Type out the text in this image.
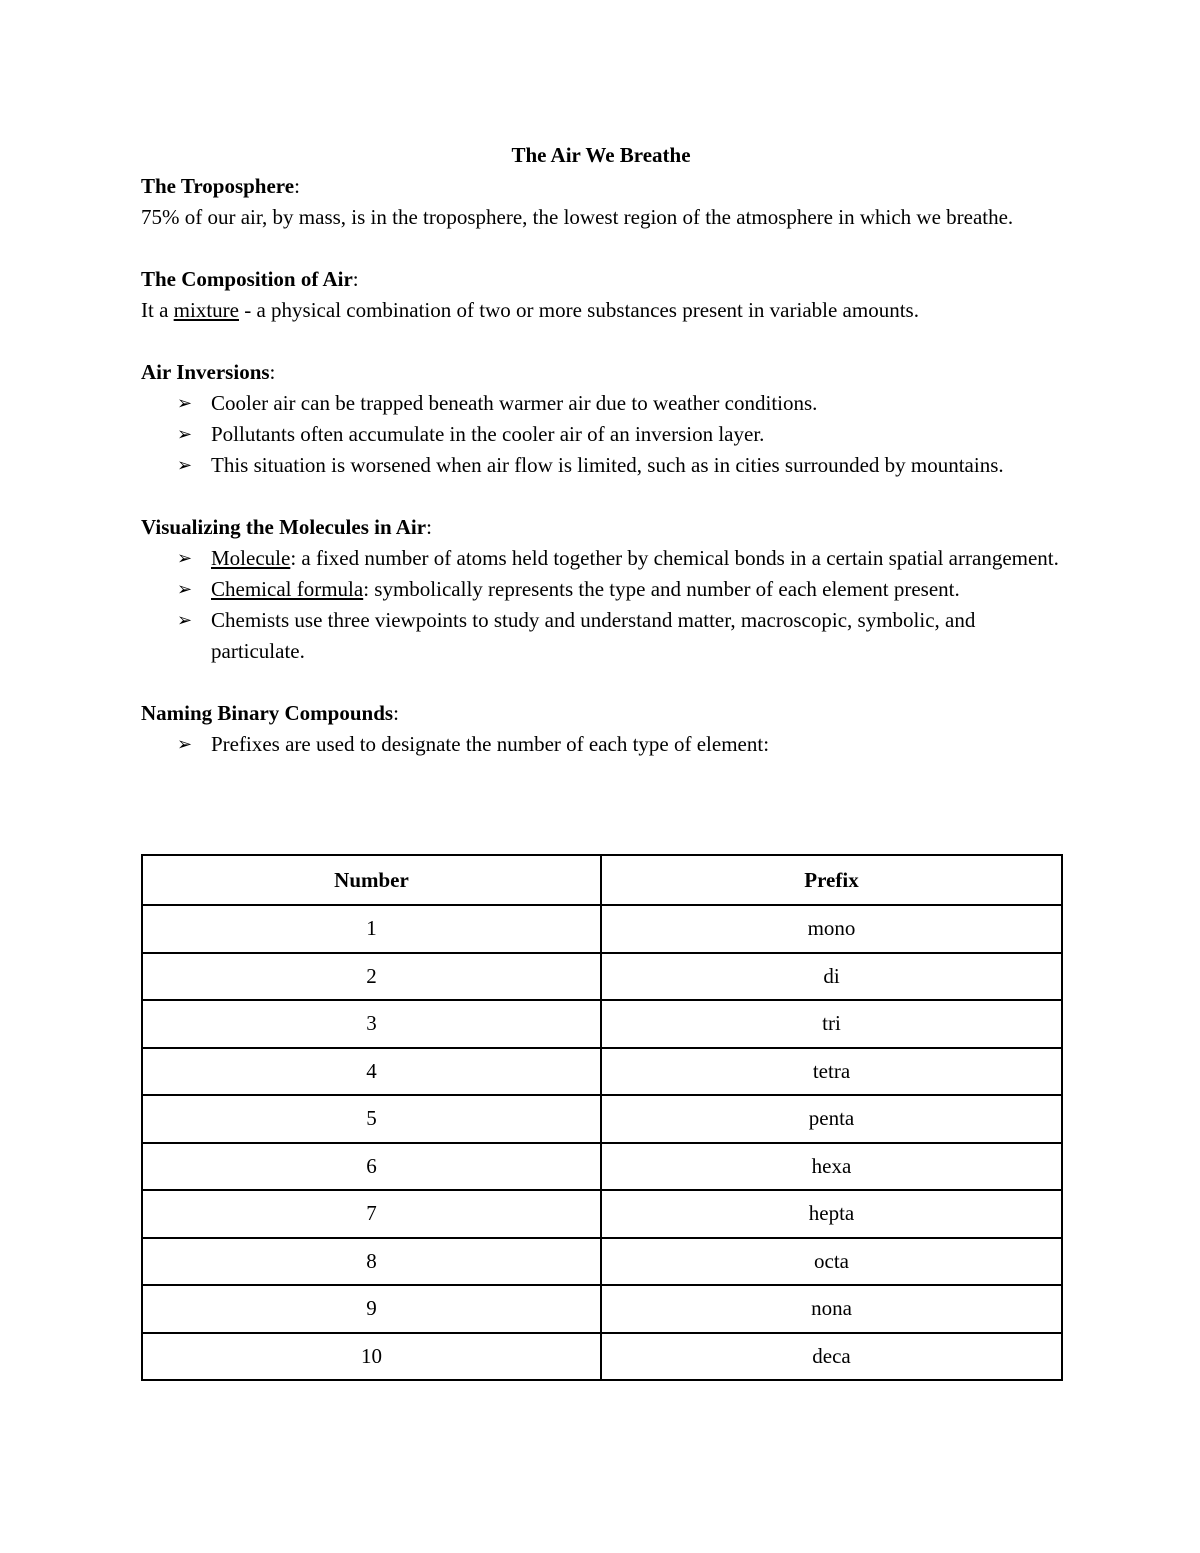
The Air We Breathe

The Troposphere:

75% of our air, by mass, is in the troposphere, the lowest region of the atmosphere in which we breathe.

The Composition of Air:

It a mixture - a physical combination of two or more substances present in variable amounts.

Air Inversions:

➢ Cooler air can be trapped beneath warmer air due to weather conditions.
➢ Pollutants often accumulate in the cooler air of an inversion layer.
➢ This situation is worsened when air flow is limited, such as in cities surrounded by mountains.

Visualizing the Molecules in Air:

➢ Molecule: a fixed number of atoms held together by chemical bonds in a certain spatial arrangement.
➢ Chemical formula: symbolically represents the type and number of each element present.
➢ Chemists use three viewpoints to study and understand matter, macroscopic, symbolic, and particulate.

Naming Binary Compounds:

➢ Prefixes are used to designate the number of each type of element:
Number	Prefix
1	mono
2	di
3	tri
4	tetra
5	penta
6	hexa
7	hepta
8	octa
9	nona
10	deca
